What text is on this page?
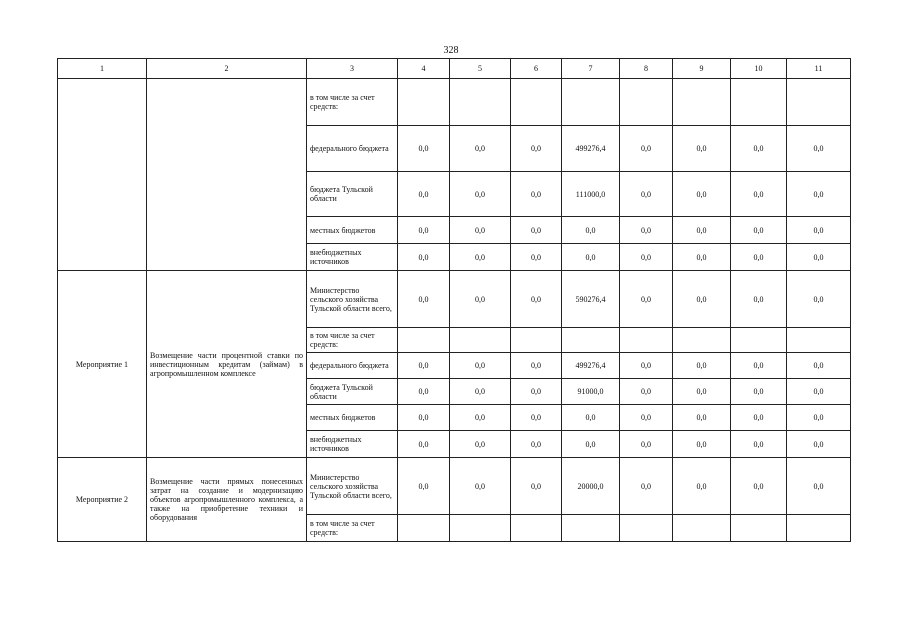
328
1	2	3	4	5	6	7	8	9	10	11
		в том числе за счет средств:								
		федерального бюджета	0,0	0,0	0,0	499276,4	0,0	0,0	0,0	0,0
		бюджета Тульской области	0,0	0,0	0,0	111000,0	0,0	0,0	0,0	0,0
		местных бюджетов	0,0	0,0	0,0	0,0	0,0	0,0	0,0	0,0
		внебюджетных источников	0,0	0,0	0,0	0,0	0,0	0,0	0,0	0,0
Мероприятие 1	Возмещение части процентной ставки по инвестиционным кредитам (займам) в агропромышленном комплексе	Министерство сельского хозяйства Тульской области всего,	0,0	0,0	0,0	590276,4	0,0	0,0	0,0	0,0
		в том числе за счет средств:								
		федерального бюджета	0,0	0,0	0,0	499276,4	0,0	0,0	0,0	0,0
		бюджета Тульской области	0,0	0,0	0,0	91000,0	0,0	0,0	0,0	0,0
		местных бюджетов	0,0	0,0	0,0	0,0	0,0	0,0	0,0	0,0
		внебюджетных источников	0,0	0,0	0,0	0,0	0,0	0,0	0,0	0,0
Мероприятие 2	Возмещение части прямых понесенных затрат на создание и модернизацию объектов агропромышленного комплекса, а также на приобретение техники и оборудования	Министерство сельского хозяйства Тульской области всего,	0,0	0,0	0,0	20000,0	0,0	0,0	0,0	0,0
		в том числе за счет средств:								
